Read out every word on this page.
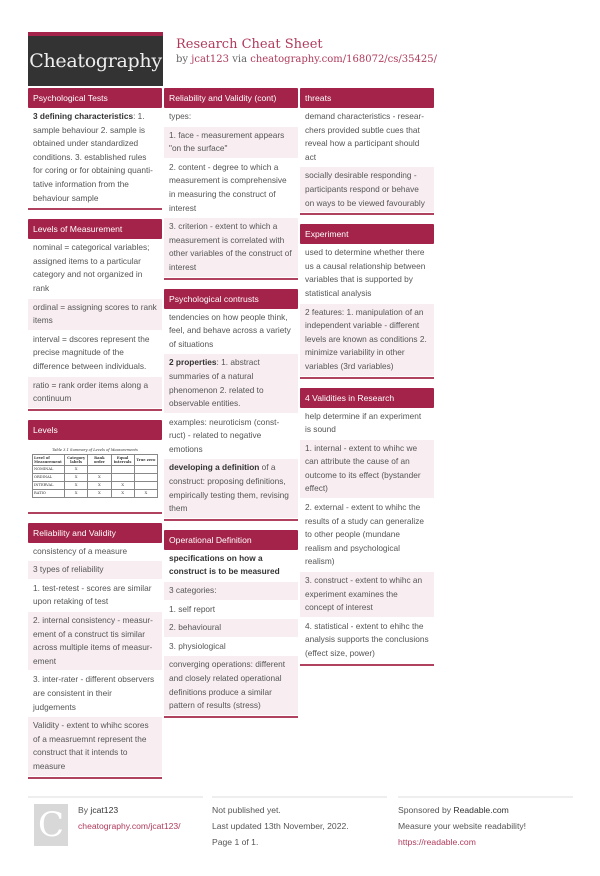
Cheatography
Research Cheat Sheet
by jcat123 via cheatography.com/168072/cs/35425/
Psychological Tests
3 defining characteristics: 1. sample behaviour 2. sample is obtained under standardized conditions. 3. established rules for coring or for obtaining quantitative information from the behaviour sample
Levels of Measurement
nominal = categorical variables; assigned items to a particular category and not organized in rank
ordinal = assigning scores to rank items
interval = dscores represent the precise magnitude of the difference between individuals.
ratio = rank order items along a continuum
Levels
Table 3.1 Summary of Levels of Measurements
Level of Measurement	Category labels	Rank order	Equal intervals	True zero
NOMINAL	X			
ORDINAL	X	X		
INTERVAL	X	X	X	
RATIO	X	X	X	X
Reliability and Validity
consistency of a measure
3 types of reliability
1. test-retest - scores are similar upon retaking of test
2. internal consistency - measurement of a construct tis similar across multiple items of measurement
3. inter-rater - different observers are consistent in their judgements
Validity - extent to whihc scores of a measruemnt represent the construct that it intends to measure
Reliability and Validity (cont)
types:
1. face - measurement appears "on the surface"
2. content - degree to which a measurement is comprehensive in measuring the construct of interest
3. criterion - extent to which a measurement is correlated with other variables of the construct of interest
Psychological contrusts
tendencies on how people think, feel, and behave across a variety of situations
2 properties: 1. abstract summaries of a natural phenomenon 2. related to observable entities.
examples: neuroticism (construct) - related to negative emotions
developing a definition of a construct: proposing definitions, empirically testing them, revising them
Operational Definition
specifications on how a construct is to be measured
3 categories:
1. self report
2. behavioural
3. physiological
converging operations: different and closely related operational definitions produce a similar pattern of results (stress)
threats
demand characteristics - researchers provided subtle cues that reveal how a participant should act
socially desirable responding - participants respond or behave on ways to be viewed favourably
Experiment
used to determine whether there us a causal relationship between variables that is supported by statistical analysis
2 features: 1. manipulation of an independent variable - different levels are known as conditions 2. minimize variability in other variables (3rd variables)
4 Validities in Research
help determine if an experiment is sound
1. internal - extent to whihc we can attribute the cause of an outcome to its effect (bystander effect)
2. external - extent to whihc the results of a study can generalize to other people (mundane realism and psychological realism)
3. construct - extent to whihc an experiment examines the concept of interest
4. statistical - extent to ehihc the analysis supports the conclusions (effect size, power)
C	By jcat123
cheatography.com/jcat123/
Not published yet.
Last updated 13th November, 2022.
Page 1 of 1.
Sponsored by Readable.com
Measure your website readability!
https://readable.com
